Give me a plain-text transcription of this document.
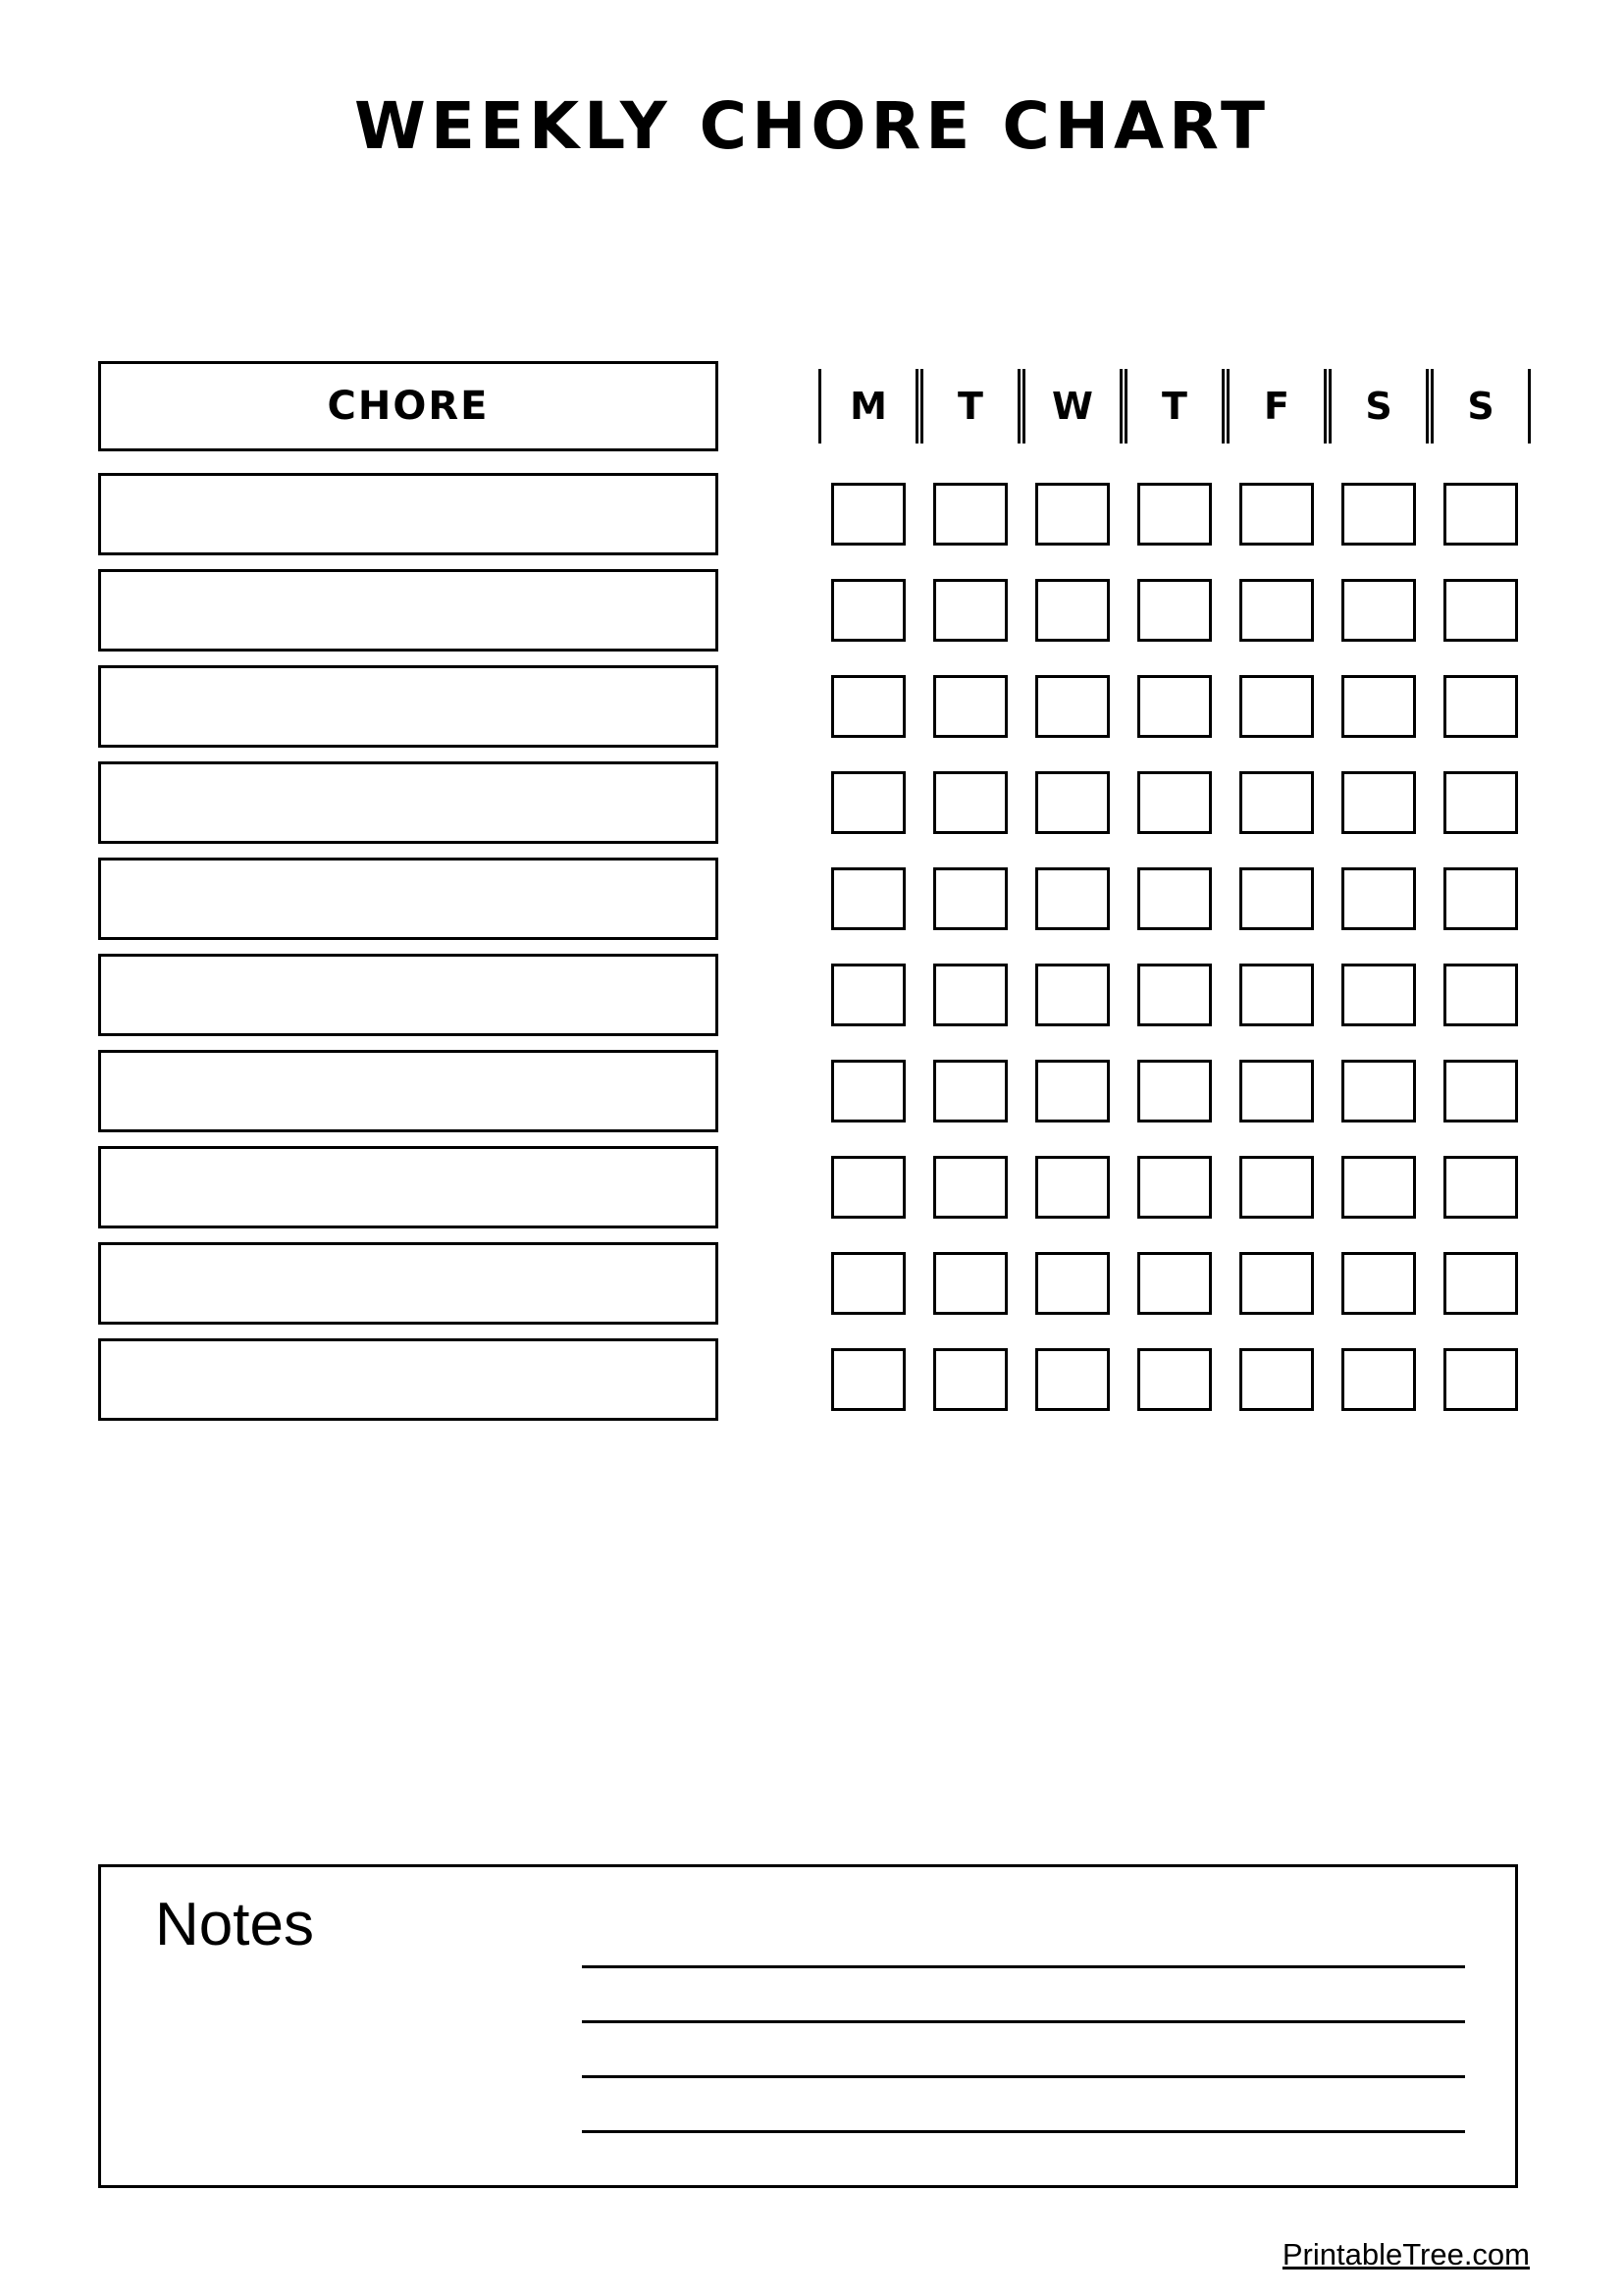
WEEKLY CHORE CHART
CHORE	M	T	W	T	F	S	S
Notes
PrintableTree.com
